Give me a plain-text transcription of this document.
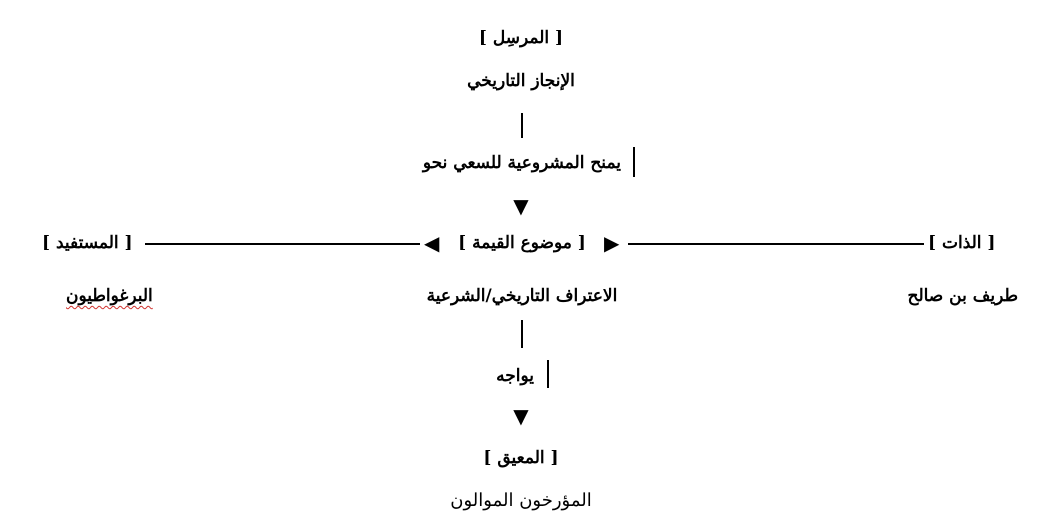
[ المرسِل ]
الإنجاز التاريخي
يمنح المشروعية للسعي نحو
▼
[ الذات ]
▶
[ موضوع القيمة ]
◀
[ المستفيد ]
طريف بن صالح
الاعتراف التاريخي/الشرعية
البرغواطيون
يواجه
▼
[ المعيق ]
المؤرخون الموالون
